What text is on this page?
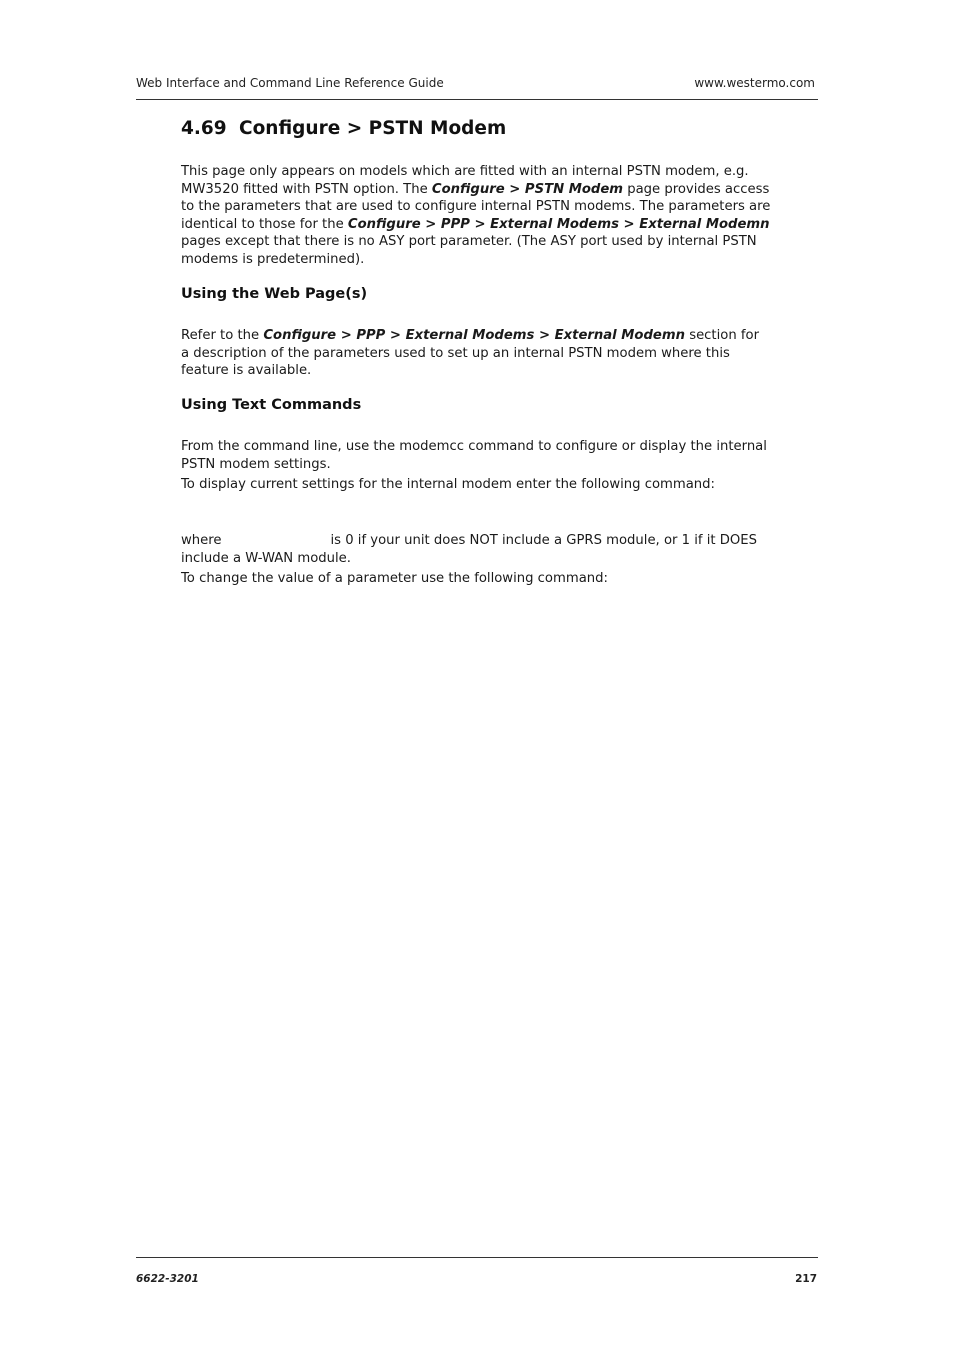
Web Interface and Command Line Reference Guide	www.westermo.com
4.69 Configure > PSTN Modem

This page only appears on models which are fitted with an internal PSTN modem, e.g. MW3520 fitted with PSTN option. The Configure > PSTN Modem page provides access to the parameters that are used to configure internal PSTN modems. The parameters are identical to those for the Configure > PPP > External Modems > External Modemn pages except that there is no ASY port parameter. (The ASY port used by internal PSTN modems is predetermined).

Using the Web Page(s)

Refer to the Configure > PPP > External Modems > External Modemn section for a description of the parameters used to set up an internal PSTN modem where this feature is available.

Using Text Commands

From the command line, use the modemcc command to configure or display the internal PSTN modem settings.

To display current settings for the internal modem enter the following command:

where                          is 0 if your unit does NOT include a GPRS module, or 1 if it DOES include a W-WAN module.

To change the value of a parameter use the following command:

6622-3201	217
